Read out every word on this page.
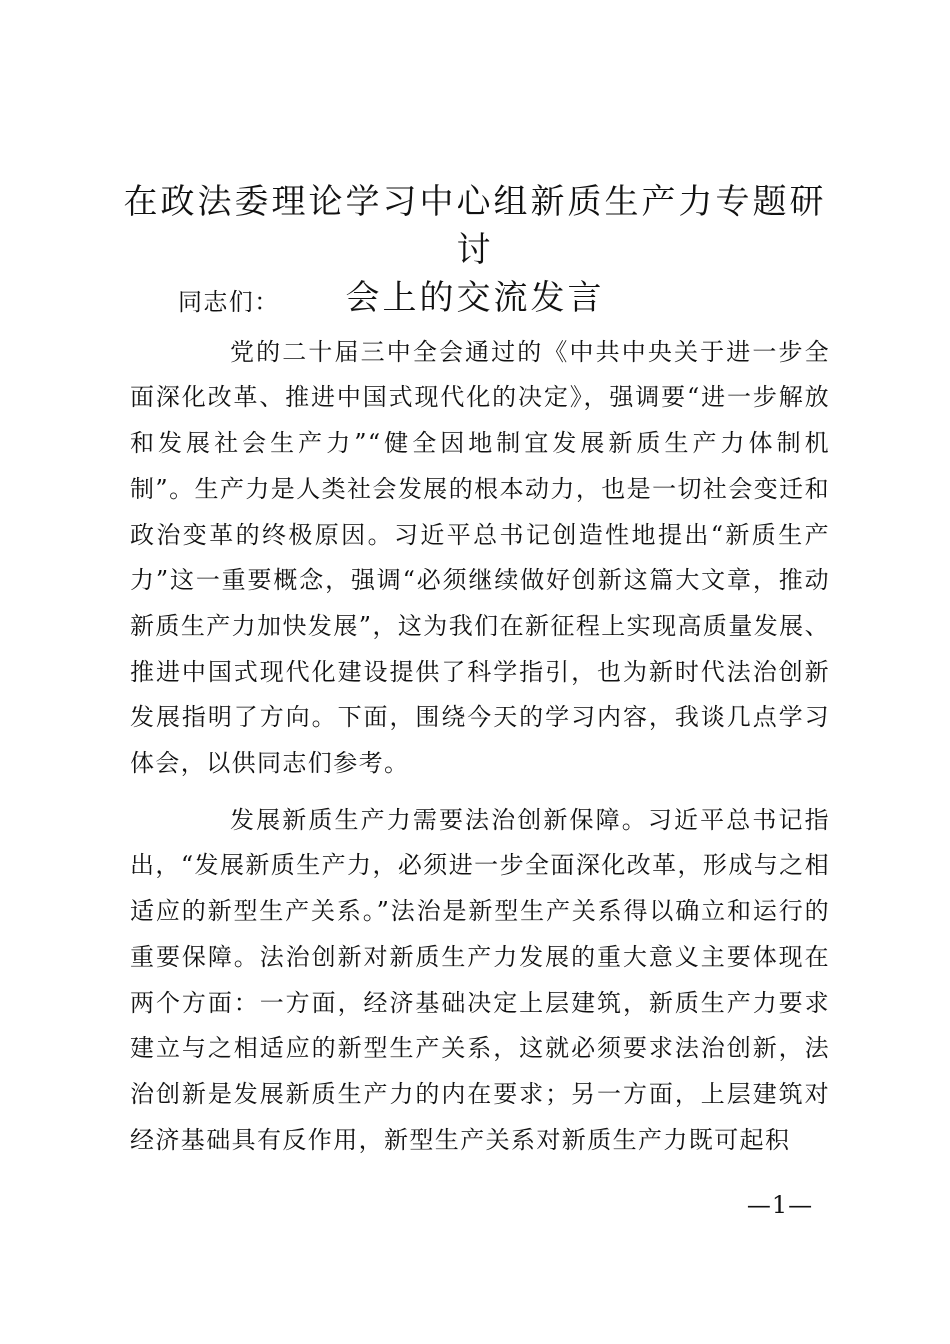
在政法委理论学习中心组新质生产力专题研讨
会上的交流发言

同志们：

党的二十届三中全会通过的《中共中央关于进一步全面深化改革、推进中国式现代化的决定》，强调要“进一步解放和发展社会生产力”“健全因地制宜发展新质生产力体制机制”。生产力是人类社会发展的根本动力，也是一切社会变迁和政治变革的终极原因。习近平总书记创造性地提出“新质生产力”这一重要概念，强调“必须继续做好创新这篇大文章，推动新质生产力加快发展”，这为我们在新征程上实现高质量发展、推进中国式现代化建设提供了科学指引，也为新时代法治创新发展指明了方向。下面，围绕今天的学习内容，我谈几点学习体会，以供同志们参考。

发展新质生产力需要法治创新保障。习近平总书记指出，“发展新质生产力，必须进一步全面深化改革，形成与之相适应的新型生产关系。”法治是新型生产关系得以确立和运行的重要保障。法治创新对新质生产力发展的重大意义主要体现在两个方面：一方面，经济基础决定上层建筑，新质生产力要求建立与之相适应的新型生产关系，这就必须要求法治创新，法治创新是发展新质生产力的内在要求；另一方面，上层建筑对经济基础具有反作用，新型生产关系对新质生产力既可起积

—1—
